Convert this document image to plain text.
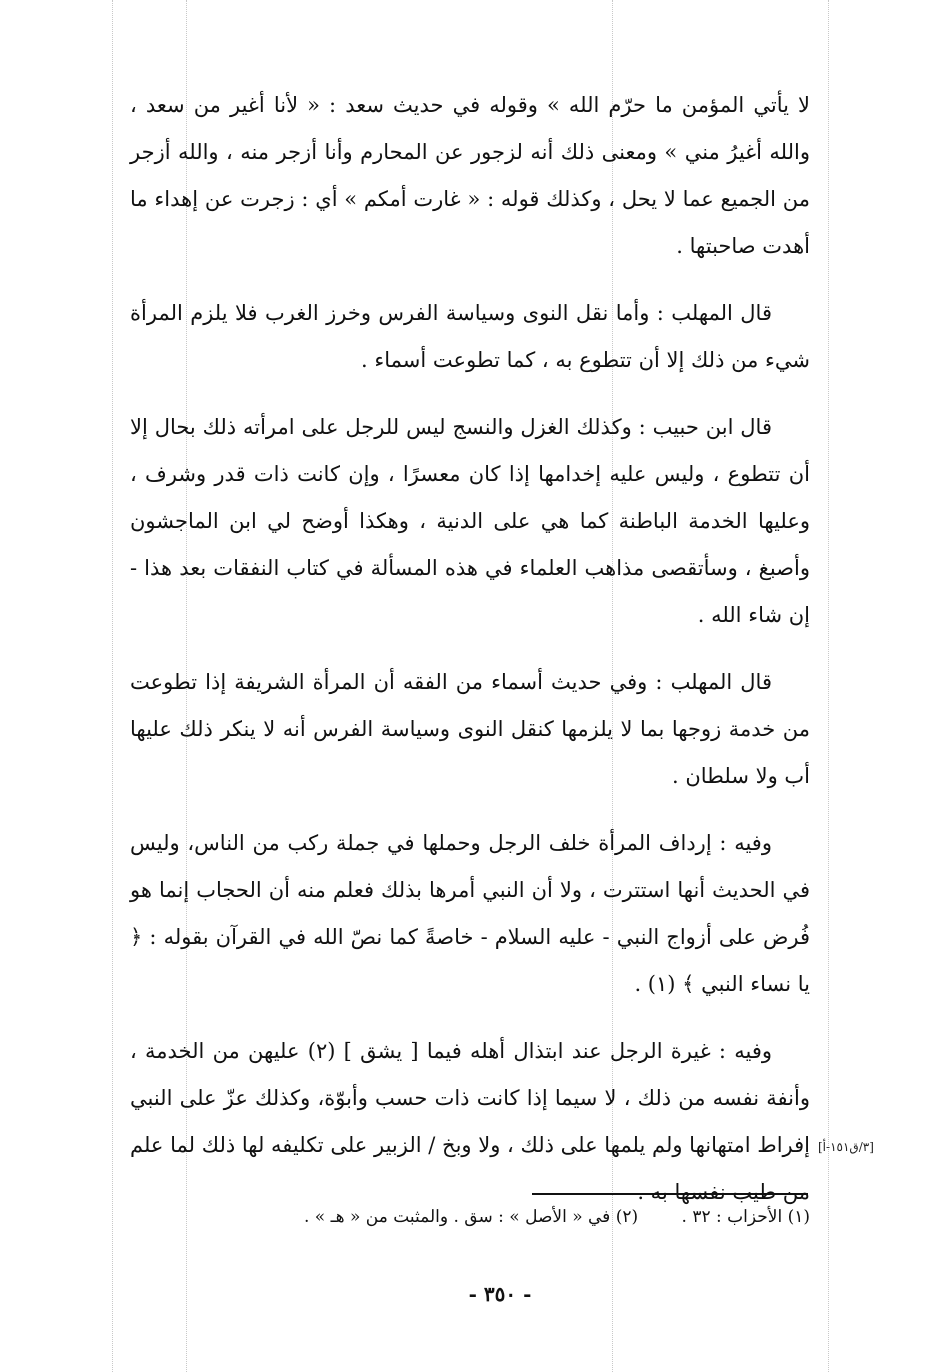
لا يأتي المؤمن ما حرّم الله » وقوله في حديث سعد : « لأنا أغير من سعد ، والله أغيرُ مني » ومعنى ذلك أنه لزجور عن المحارم وأنا أزجر منه ، والله أزجر من الجميع عما لا يحل ، وكذلك قوله : « غارت أمكم » أي : زجرت عن إهداء ما أهدت صاحبتها .

قال المهلب : وأما نقل النوى وسياسة الفرس وخرز الغرب فلا يلزم المرأة شيء من ذلك إلا أن تتطوع به ، كما تطوعت أسماء .

قال ابن حبيب : وكذلك الغزل والنسج ليس للرجل على امرأته ذلك بحال إلا أن تتطوع ، وليس عليه إخدامها إذا كان معسرًا ، وإن كانت ذات قدر وشرف ، وعليها الخدمة الباطنة كما هي على الدنية ، وهكذا أوضح لي ابن الماجشون وأصبغ ، وسأتقصى مذاهب العلماء في هذه المسألة في كتاب النفقات بعد هذا - إن شاء الله .

قال المهلب : وفي حديث أسماء من الفقه أن المرأة الشريفة إذا تطوعت من خدمة زوجها بما لا يلزمها كنقل النوى وسياسة الفرس أنه لا ينكر ذلك عليها أب ولا سلطان .

وفيه : إرداف المرأة خلف الرجل وحملها في جملة ركب من الناس، وليس في الحديث أنها استترت ، ولا أن النبي أمرها بذلك فعلم منه أن الحجاب إنما هو فُرض على أزواج النبي - عليه السلام - خاصةً كما نصّ الله في القرآن بقوله : ﴿ يا نساء النبي ﴾ (١) .

وفيه : غيرة الرجل عند ابتذال أهله فيما [ يشق ] (٢) عليهن من الخدمة ، وأنفة نفسه من ذلك ، لا سيما إذا كانت ذات حسب وأبوّة، وكذلك عزّ على النبي إفراط امتهانها ولم يلمها على ذلك ، ولا وبخ / الزبير على تكليفه لها ذلك لما علم من طيب نفسها به .

[٣/ق١٥١-أ]
(١) الأحزاب : ٣٢ . (٢) في « الأصل » : سق . والمثبت من « هـ » .
- ٣٥٠ -
